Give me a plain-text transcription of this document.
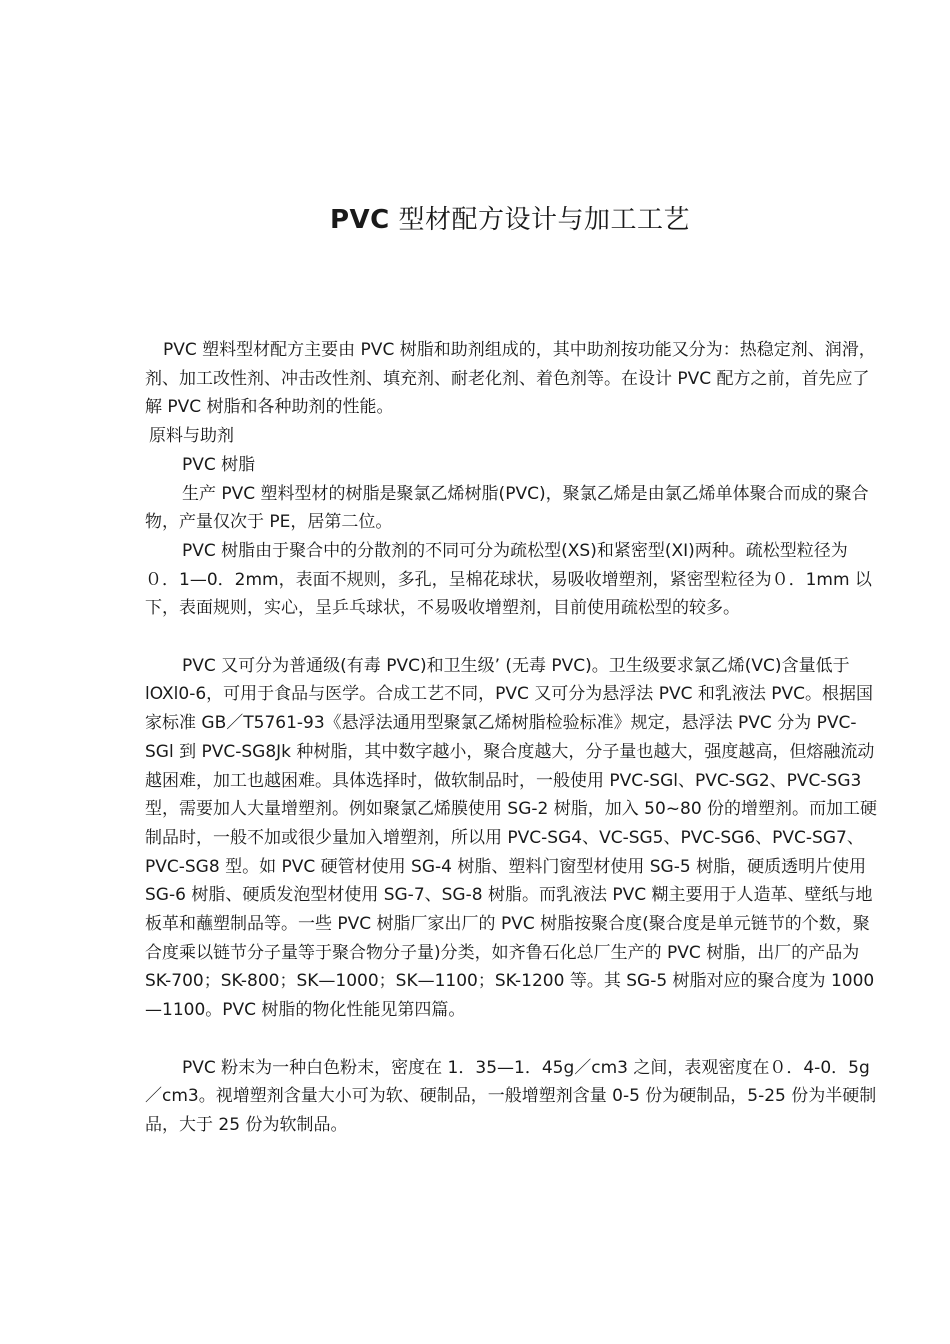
PVC 型材配方设计与加工工艺

PVC 塑料型材配方主要由 PVC 树脂和助剂组成的，其中助剂按功能又分为：热稳定剂、润滑，剂、加工改性剂、冲击改性剂、填充剂、耐老化剂、着色剂等。在设计 PVC 配方之前，首先应了解 PVC 树脂和各种助剂的性能。

原料与助剂

PVC 树脂

生产 PVC 塑料型材的树脂是聚氯乙烯树脂(PVC)，聚氯乙烯是由氯乙烯单体聚合而成的聚合物，产量仅次于 PE，居第二位。

PVC 树脂由于聚合中的分散剂的不同可分为疏松型(XS)和紧密型(XI)两种。疏松型粒径为０．1—0．2mm，表面不规则，多孔，呈棉花球状，易吸收增塑剂，紧密型粒径为０．1mm 以下，表面规则，实心，呈乒乓球状，不易吸收增塑剂，目前使用疏松型的较多。

PVC 又可分为普通级(有毒 PVC)和卫生级’ (无毒 PVC)。卫生级要求氯乙烯(VC)含量低于 lOXl0-6，可用于食品与医学。合成工艺不同，PVC 又可分为悬浮法 PVC 和乳液法 PVC。根据国家标准 GB／T5761-93《悬浮法通用型聚氯乙烯树脂检验标准》规定，悬浮法 PVC 分为 PVC-SGl 到 PVC-SG8Jk 种树脂，其中数字越小，聚合度越大，分子量也越大，强度越高，但熔融流动越困难，加工也越困难。具体选择时，做软制品时，一般使用 PVC-SGl、PVC-SG2、PVC-SG3 型，需要加人大量增塑剂。例如聚氯乙烯膜使用 SG-2 树脂，加入 50~80 份的增塑剂。而加工硬制品时，一般不加或很少量加入增塑剂，所以用 PVC-SG4、VC-SG5、PVC-SG6、PVC-SG7、PVC-SG8 型。如 PVC 硬管材使用 SG-4 树脂、塑料门窗型材使用 SG-5 树脂，硬质透明片使用 SG-6 树脂、硬质发泡型材使用 SG-7、SG-8 树脂。而乳液法 PVC 糊主要用于人造革、壁纸与地板革和蘸塑制品等。一些 PVC 树脂厂家出厂的 PVC 树脂按聚合度(聚合度是单元链节的个数，聚合度乘以链节分子量等于聚合物分子量)分类，如齐鲁石化总厂生产的 PVC 树脂，出厂的产品为 SK-700；SK-800；SK—1000；SK—1100；SK-1200 等。其 SG-5 树脂对应的聚合度为 1000—1100。PVC 树脂的物化性能见第四篇。

PVC 粉末为一种白色粉末，密度在 1．35—1．45g／cm3 之间，表观密度在０．4-0．5g／cm3。视增塑剂含量大小可为软、硬制品，一般增塑剂含量 0-5 份为硬制品，5-25 份为半硬制品，大于 25 份为软制品。
